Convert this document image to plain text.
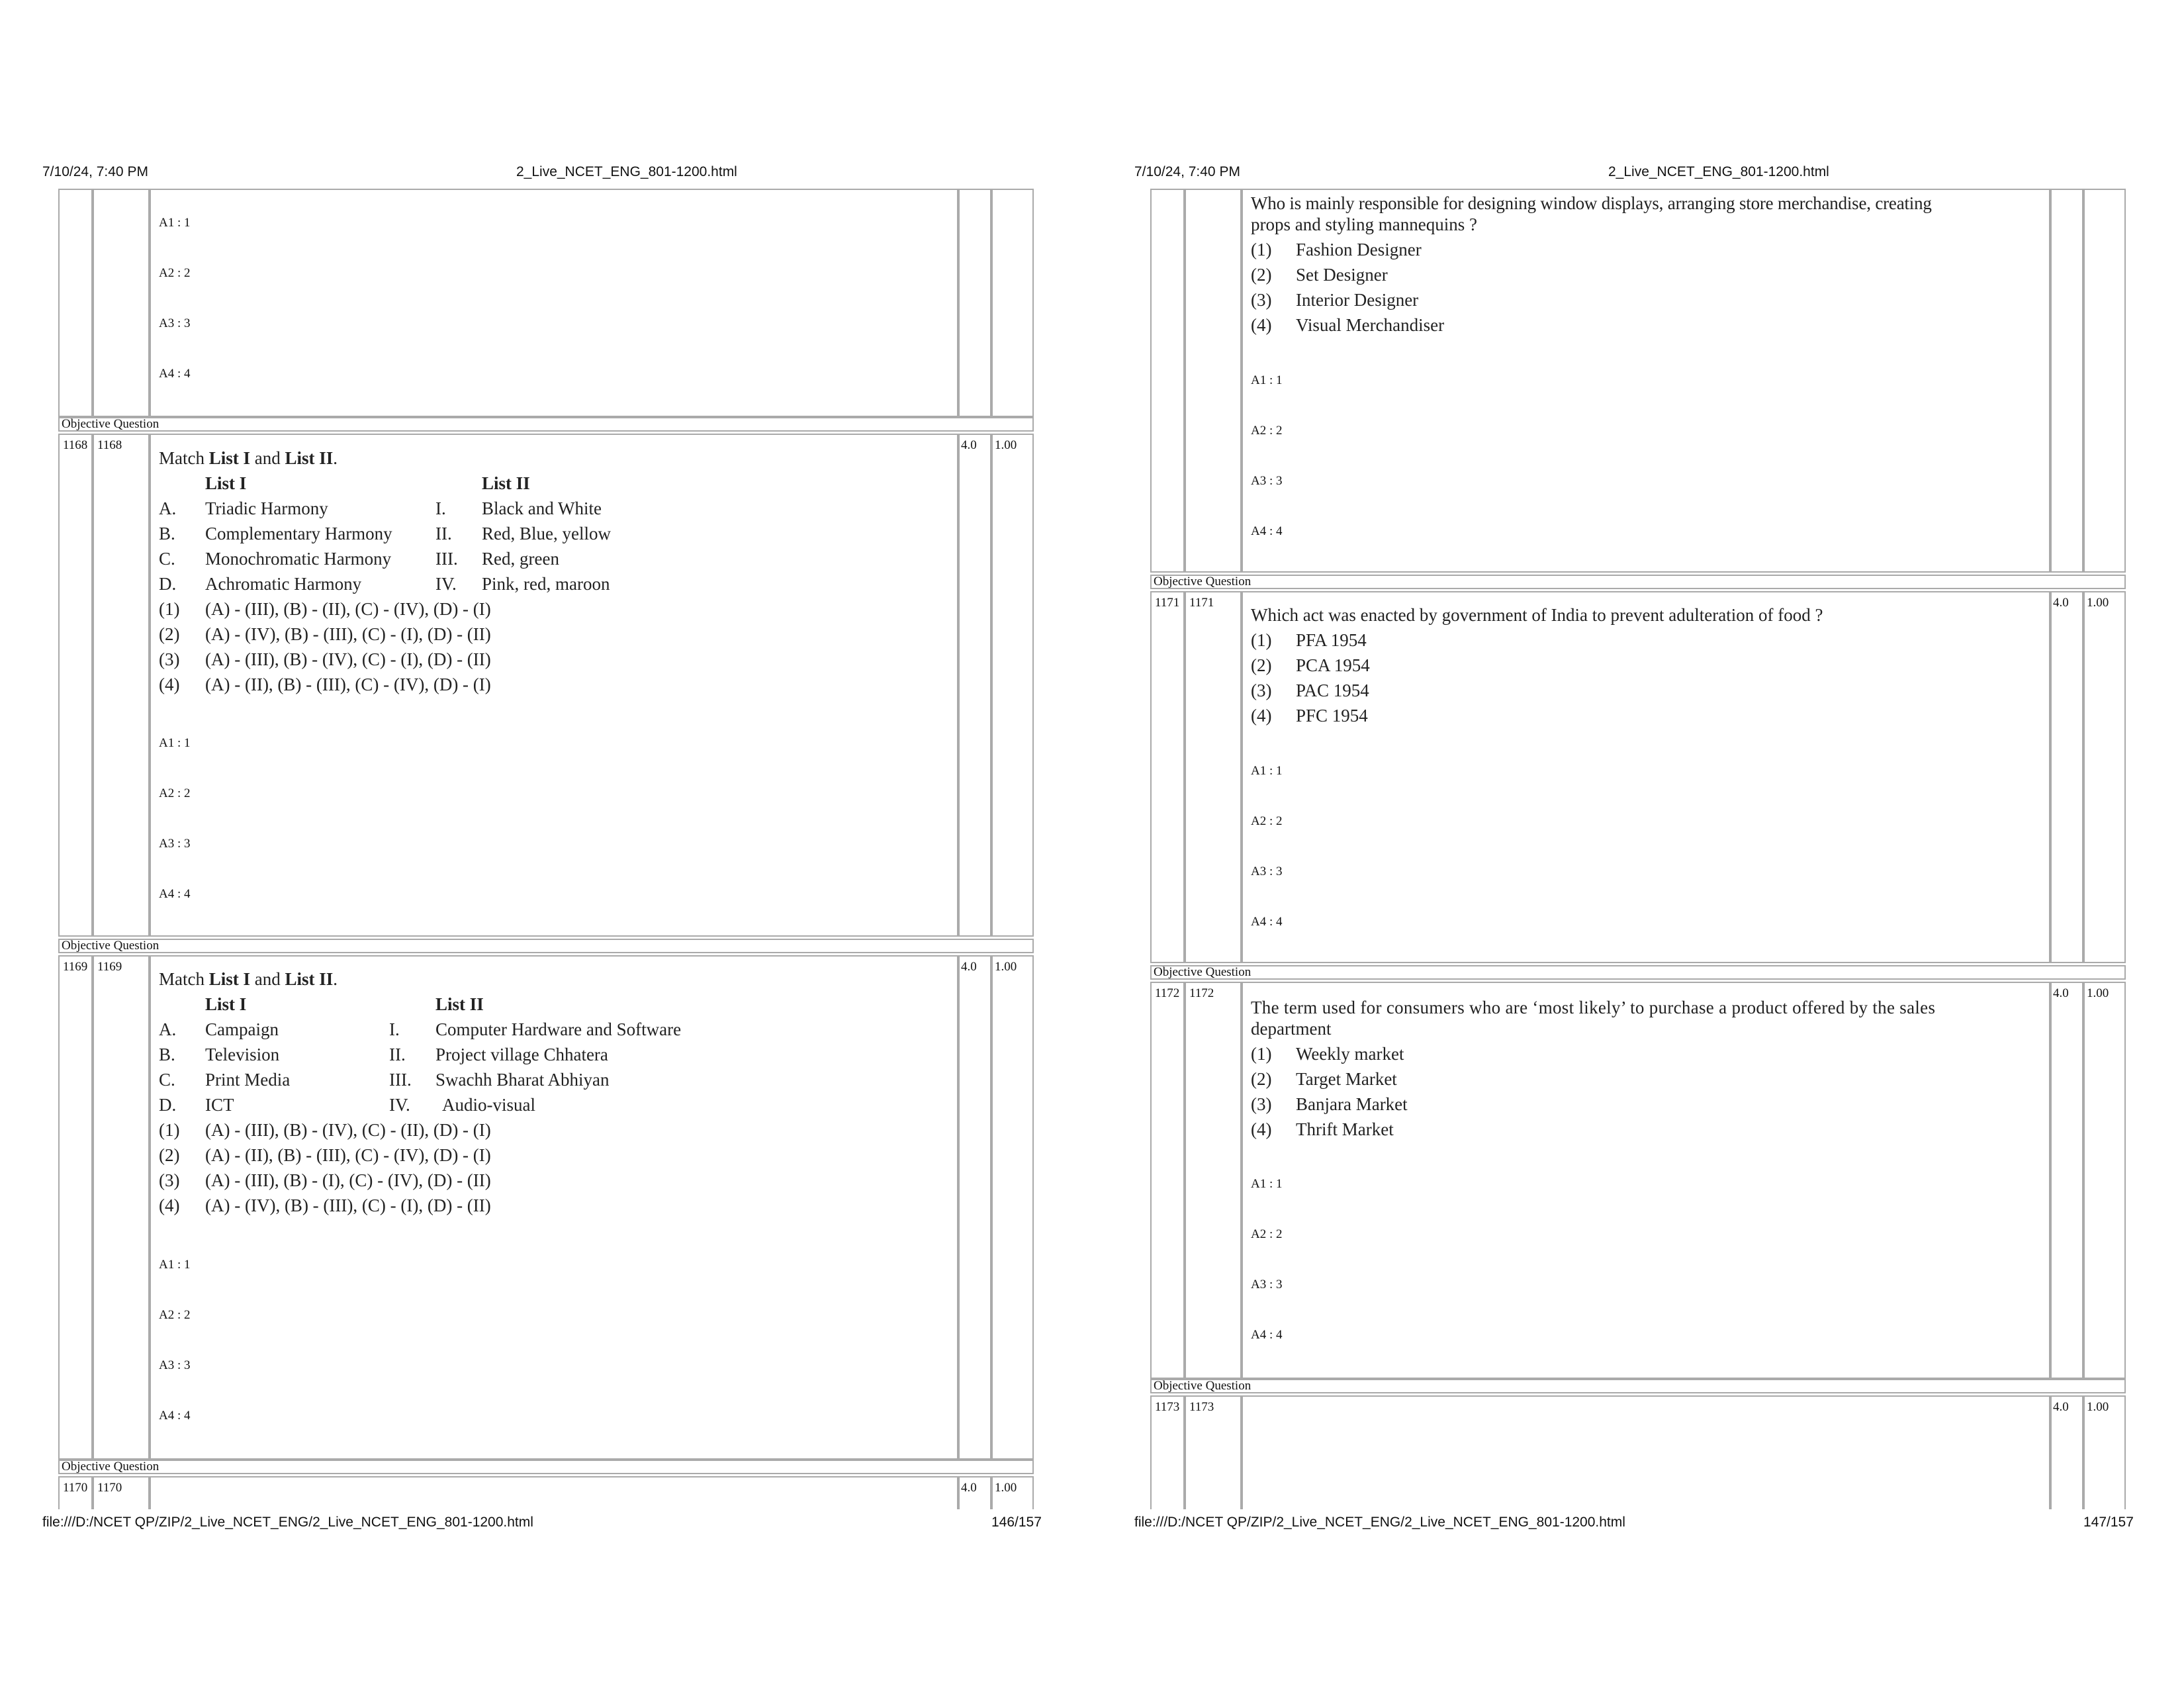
7/10/24, 7:40 PM	2_Live_NCET_ENG_801-1200.html
A1 : 1
A2 : 2
A3 : 3
A4 : 4
Objective Question
1168 1168	4.0 1.00
Match List I and List II.
List I	List II
A. Triadic Harmony	I. Black and White
B. Complementary Harmony II. Red, Blue, yellow
C. Monochromatic Harmony III. Red, green
D. Achromatic Harmony	IV. Pink, red, maroon
(1) (A) - (III), (B) - (II), (C) - (IV), (D) - (I)
(2) (A) - (IV), (B) - (III), (C) - (I), (D) - (II)
(3) (A) - (III), (B) - (IV), (C) - (I), (D) - (II)
(4) (A) - (II), (B) - (III), (C) - (IV), (D) - (I)
A1 : 1
A2 : 2
A3 : 3
A4 : 4
Objective Question
1169 1169	4.0 1.00
Match List I and List II.
List I	List II
A. Campaign	I. Computer Hardware and Software
B. Television	II. Project village Chhatera
C. Print Media	III. Swachh Bharat Abhiyan
D. ICT	IV. Audio-visual
(1) (A) - (III), (B) - (IV), (C) - (II), (D) - (I)
(2) (A) - (II), (B) - (III), (C) - (IV), (D) - (I)
(3) (A) - (III), (B) - (I), (C) - (IV), (D) - (II)
(4) (A) - (IV), (B) - (III), (C) - (I), (D) - (II)
A1 : 1
A2 : 2
A3 : 3
A4 : 4
Objective Question
1170 1170	4.0 1.00
file:///D:/NCET QP/ZIP/2_Live_NCET_ENG/2_Live_NCET_ENG_801-1200.html	146/157
7/10/24, 7:40 PM	2_Live_NCET_ENG_801-1200.html
Who is mainly responsible for designing window displays, arranging store merchandise, creating
props and styling mannequins ?
(1) Fashion Designer
(2) Set Designer
(3) Interior Designer
(4) Visual Merchandiser
A1 : 1
A2 : 2
A3 : 3
A4 : 4
Objective Question
1171 1171	4.0 1.00
Which act was enacted by government of India to prevent adulteration of food ?
(1) PFA 1954
(2) PCA 1954
(3) PAC 1954
(4) PFC 1954
A1 : 1
A2 : 2
A3 : 3
A4 : 4
Objective Question
1172 1172	4.0 1.00
The term used for consumers who are ‘most likely’ to purchase a product offered by the sales
department
(1) Weekly market
(2) Target Market
(3) Banjara Market
(4) Thrift Market
A1 : 1
A2 : 2
A3 : 3
A4 : 4
Objective Question
1173 1173	4.0 1.00
file:///D:/NCET QP/ZIP/2_Live_NCET_ENG/2_Live_NCET_ENG_801-1200.html	147/157
